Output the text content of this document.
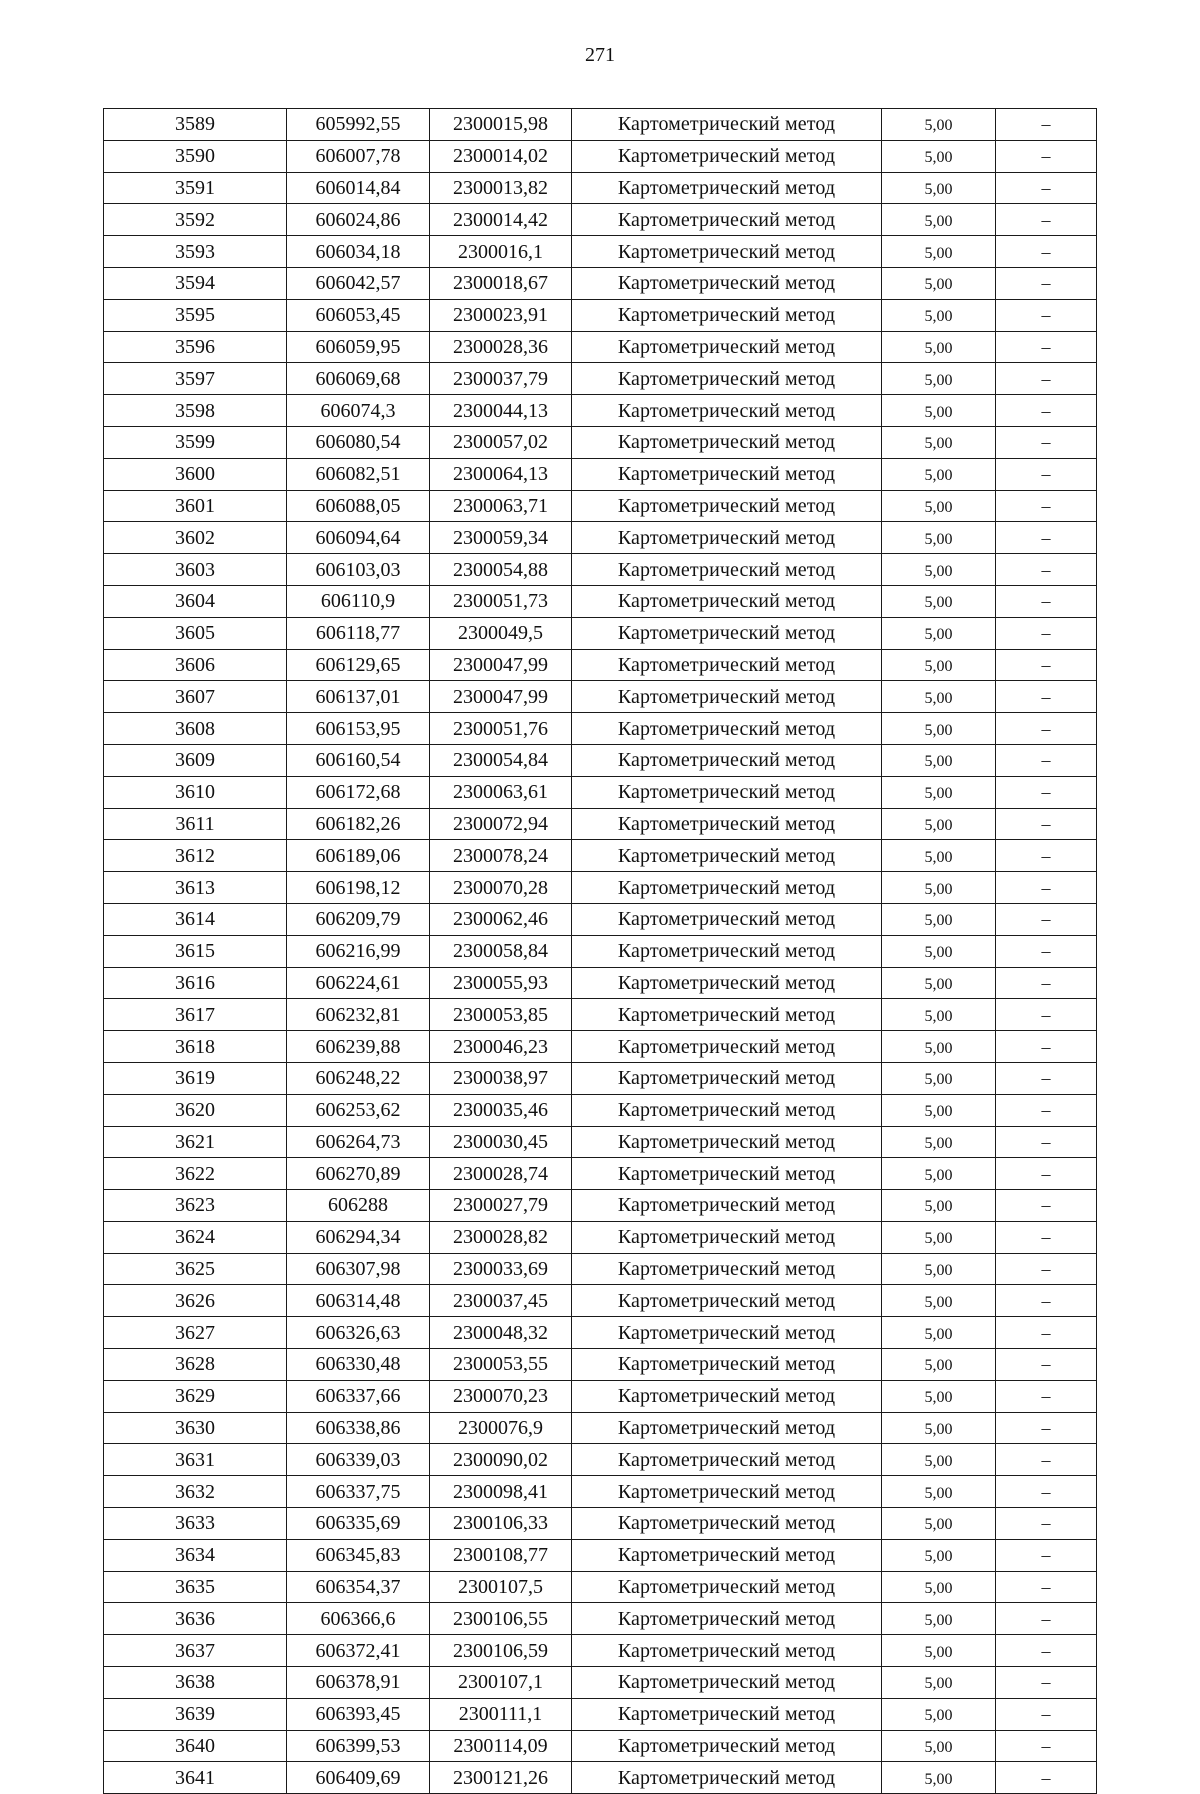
271
3589	605992,55	2300015,98	Картометрический метод	5,00	–
3590	606007,78	2300014,02	Картометрический метод	5,00	–
3591	606014,84	2300013,82	Картометрический метод	5,00	–
3592	606024,86	2300014,42	Картометрический метод	5,00	–
3593	606034,18	2300016,1	Картометрический метод	5,00	–
3594	606042,57	2300018,67	Картометрический метод	5,00	–
3595	606053,45	2300023,91	Картометрический метод	5,00	–
3596	606059,95	2300028,36	Картометрический метод	5,00	–
3597	606069,68	2300037,79	Картометрический метод	5,00	–
3598	606074,3	2300044,13	Картометрический метод	5,00	–
3599	606080,54	2300057,02	Картометрический метод	5,00	–
3600	606082,51	2300064,13	Картометрический метод	5,00	–
3601	606088,05	2300063,71	Картометрический метод	5,00	–
3602	606094,64	2300059,34	Картометрический метод	5,00	–
3603	606103,03	2300054,88	Картометрический метод	5,00	–
3604	606110,9	2300051,73	Картометрический метод	5,00	–
3605	606118,77	2300049,5	Картометрический метод	5,00	–
3606	606129,65	2300047,99	Картометрический метод	5,00	–
3607	606137,01	2300047,99	Картометрический метод	5,00	–
3608	606153,95	2300051,76	Картометрический метод	5,00	–
3609	606160,54	2300054,84	Картометрический метод	5,00	–
3610	606172,68	2300063,61	Картометрический метод	5,00	–
3611	606182,26	2300072,94	Картометрический метод	5,00	–
3612	606189,06	2300078,24	Картометрический метод	5,00	–
3613	606198,12	2300070,28	Картометрический метод	5,00	–
3614	606209,79	2300062,46	Картометрический метод	5,00	–
3615	606216,99	2300058,84	Картометрический метод	5,00	–
3616	606224,61	2300055,93	Картометрический метод	5,00	–
3617	606232,81	2300053,85	Картометрический метод	5,00	–
3618	606239,88	2300046,23	Картометрический метод	5,00	–
3619	606248,22	2300038,97	Картометрический метод	5,00	–
3620	606253,62	2300035,46	Картометрический метод	5,00	–
3621	606264,73	2300030,45	Картометрический метод	5,00	–
3622	606270,89	2300028,74	Картометрический метод	5,00	–
3623	606288	2300027,79	Картометрический метод	5,00	–
3624	606294,34	2300028,82	Картометрический метод	5,00	–
3625	606307,98	2300033,69	Картометрический метод	5,00	–
3626	606314,48	2300037,45	Картометрический метод	5,00	–
3627	606326,63	2300048,32	Картометрический метод	5,00	–
3628	606330,48	2300053,55	Картометрический метод	5,00	–
3629	606337,66	2300070,23	Картометрический метод	5,00	–
3630	606338,86	2300076,9	Картометрический метод	5,00	–
3631	606339,03	2300090,02	Картометрический метод	5,00	–
3632	606337,75	2300098,41	Картометрический метод	5,00	–
3633	606335,69	2300106,33	Картометрический метод	5,00	–
3634	606345,83	2300108,77	Картометрический метод	5,00	–
3635	606354,37	2300107,5	Картометрический метод	5,00	–
3636	606366,6	2300106,55	Картометрический метод	5,00	–
3637	606372,41	2300106,59	Картометрический метод	5,00	–
3638	606378,91	2300107,1	Картометрический метод	5,00	–
3639	606393,45	2300111,1	Картометрический метод	5,00	–
3640	606399,53	2300114,09	Картометрический метод	5,00	–
3641	606409,69	2300121,26	Картометрический метод	5,00	–
